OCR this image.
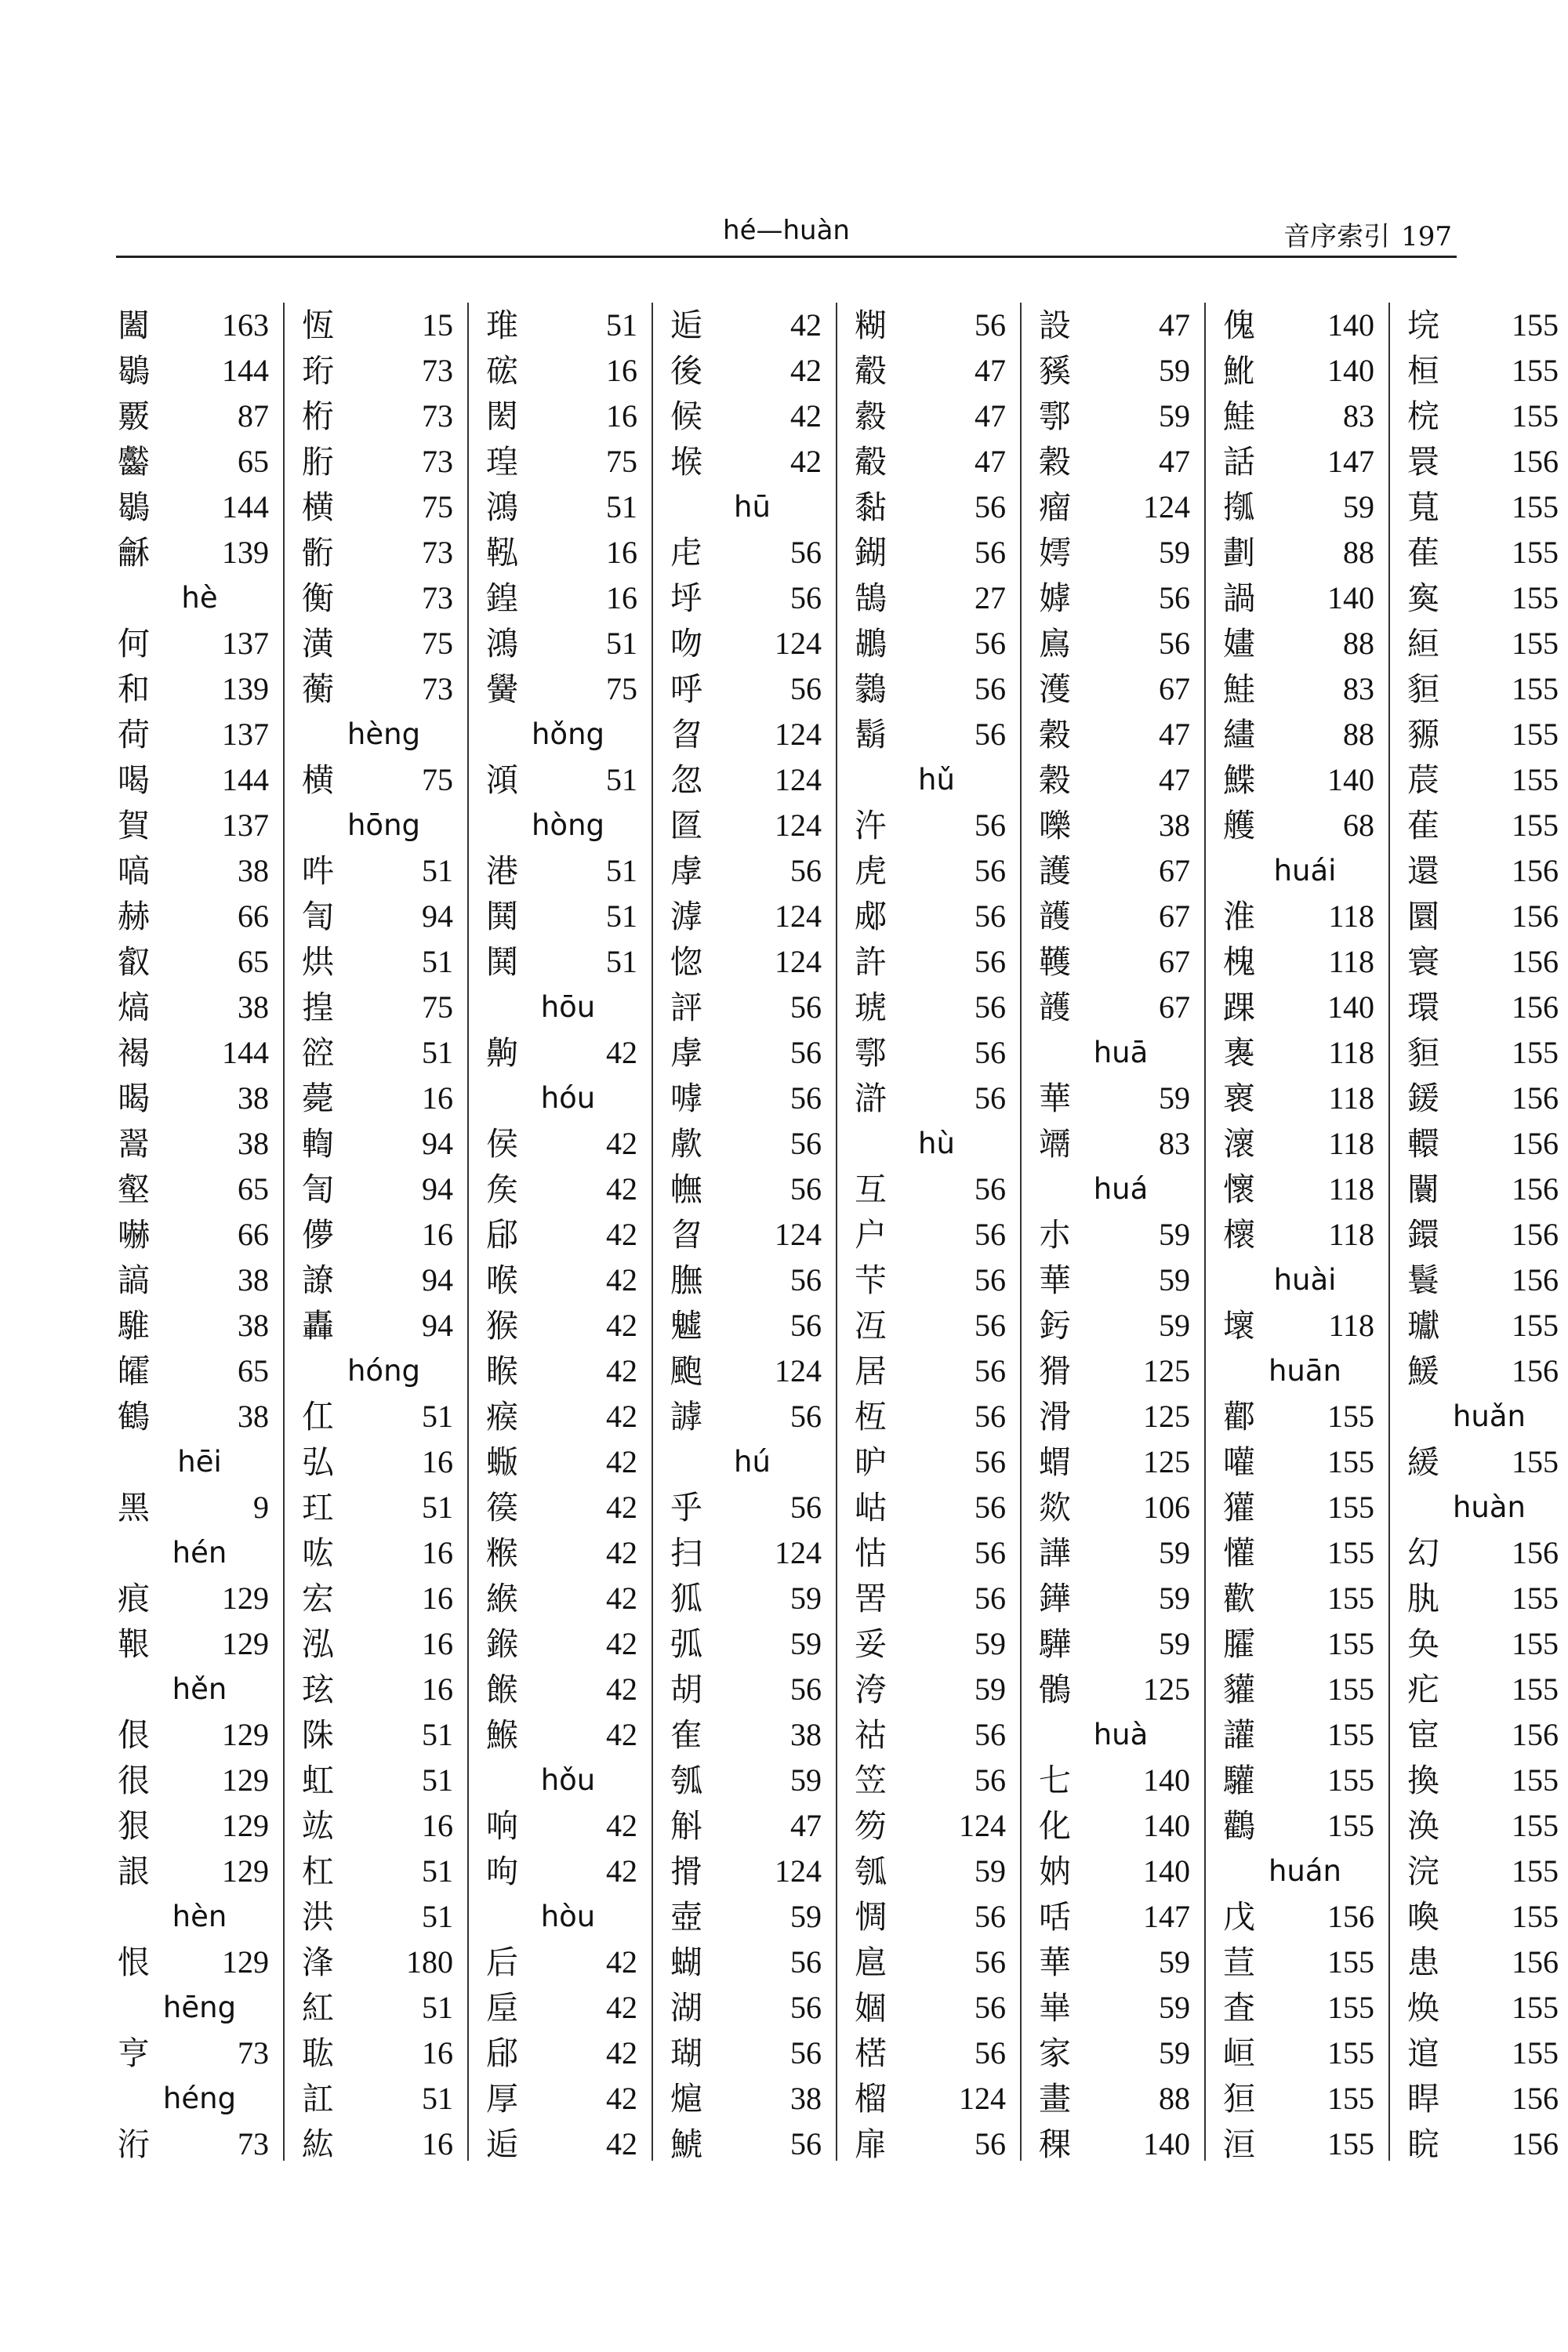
hé—huàn	音序索引 197
闔 163
鶡 144
覈	87
齾	65
鶡 144
龢 139
hè
何 137
和 139
荷 137
喝 144
賀 137
嗃	38
赫	66
叡	65
熇	38
褐 144
暍	38
翯	38
壑	65
嚇	66
謞	38
騅	38
皬	65
鶴	38
hēi
黑	9
hén
痕 129
鞎 129
hěn
佷 129
很 129
狠 129
詪 129
hèn
恨 129
hēng
亨	73
héng
洐	73
恆	15
珩	73
桁	73
胻	73
横	75
䯒	73
衡	73
潢	75
蘅	73
hèng
横	75
hōng
吽	51
訇	94
烘	51
揘	75
谾	51
薨	16
輷	94
訇	94
儚	16
䜍	94
轟	94
hóng
仜	51
弘	16
玒	51
吰	16
宏	16
泓	16
玹	16
陎	51
虹	51
竑	16
杠	51
洪	51
浲 180
紅	51
耾	16
訌	51
紘	16
琟	51
硡	16
閎	16
瑝	75
鴻	51
鞃	16
鍠	16
鴻	51
黌	75
hǒng
澒	51
hòng
港	51
鬨	51
鬨	51
hōu
齁	42
hóu
侯	42
矦	42
郈	42
喉	42
猴	42
睺	42
瘊	42
蝂	42
篌	42
糇	42
緱	42
鍭	42
餱	42
鯸	42
hǒu
响	42
呴	42
hòu
后	42
垕	42
郈	42
厚	42
逅	42
逅	42
後	42
候	42
堠	42
hū
虍	56
垀	56
吻 124
呼	56
曶 124
忽 124
匫 124
虖	56
滹 124
惚 124
評	56
虖	56
嘑	56
歑	56
幠	56
曶 124
膴	56
魖	56
颮 124
謼	56
hú
乎	56
扫 124
狐	59
弧	59
胡	56
隺	38
瓠	59
斛	47
搰 124
壺	59
蝴	56
湖	56
瑚	56
熩	38
鯱	56
糊	56
觳	47
縠	47
觳	47
黏	56
鍸	56
鵠	27
鶘	56
鸏	56
鬍	56
hǔ
汻	56
虎	56
郕	56
許	56
琥	56
鄠	56
滸	56
hù
互	56
户	56
芐	56
冱	56
居	56
枑	56
昈	56
岵	56
怙	56
罟	56
妥	59
洿	59
祜	56
笠	56
笏 124
瓠	59
惆	56
扈	56
婟	56
楛	56
榴 124
扉	56
設	47
豯	59
鄠	59
穀	47
瘤 124
嫮	59
嫭	56
鳸	56
濩	67
穀	47
穀	47
嚛	38
護	67
頀	67
韄	67
頀	67
huā
華	59
竵	83
huá
朩	59
華	59
釫	59
猾 125
滑 125
蝟 125
欻 106
譁	59
鏵	59
驊	59
鶻 125
huà
七 140
化 140
妠 140
咶 147
華	59
崋	59
家	59
畫	88
稞 140
傀 140
魤 140
鮭	83
話 147
摦	59
劃	88
諣 140
嫿	88
鮭	83
繣	88
鰈 140
艧	68
huái
淮 118
槐 118
踝 140
褢 118
褱 118
瀤 118
懷 118
櫰 118
huài
壞 118
huān
酄 155
嚾 155
獾 155
懽 155
歡 155
臛 155
貛 155
讙 155
驩 155
鸛 155
huán
戊 156
荁 155
査 155
峘 155
狟 155
洹 155
垸 155
桓 155
梡 155
睘 156
萈 155
萑 155
寏 155
絙 155
貆 155
豲 155
莀 155
萑 155
還 156
圜 156
寰 156
環 156
貆 155
鍰 156
轘 156
闤 156
鐶 156
鬟 156
瓛 155
鰀 156
huǎn
緩 155
huàn
幻 156
肒 155
奂 155
疕 155
宦 156
換 155
涣 155
浣 155
喚 155
患 156
焕 155
逭 155
睅 156
睆 156
